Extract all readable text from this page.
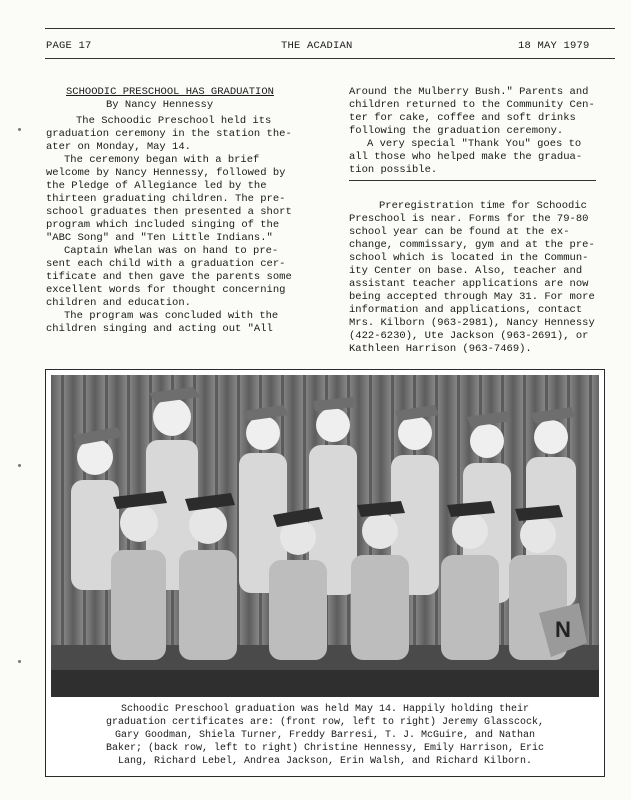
PAGE 17	THE ACADIAN	18 MAY 1979

SCHOODIC PRESCHOOL HAS GRADUATION

By Nancy Hennessy

The Schoodic Preschool held its

graduation ceremony in the station the-

ater on Monday, May 14.

The ceremony began with a brief

welcome by Nancy Hennessy, followed by

the Pledge of Allegiance led by the

thirteen graduating children. The pre-

school graduates then presented a short

program which included singing of the

"ABC Song" and "Ten Little Indians."

Captain Whelan was on hand to pre-

sent each child with a graduation cer-

tificate and then gave the parents some

excellent words for thought concerning

children and education.

The program was concluded with the

children singing and acting out "All

Around the Mulberry Bush." Parents and

children returned to the Community Cen-

ter for cake, coffee and soft drinks

following the graduation ceremony.

A very special "Thank You" goes to

all those who helped make the gradua-

tion possible.

Preregistration time for Schoodic

Preschool is near. Forms for the 79-80

school year can be found at the ex-

change, commissary, gym and at the pre-

school which is located in the Commun-

ity Center on base. Also, teacher and

assistant teacher applications are now

being accepted through May 31. For more

information and applications, contact

Mrs. Kilborn (963-2981), Nancy Hennessy

(422-6230), Ute Jackson (963-2691), or

Kathleen Harrison (963-7469).

N
Schoodic Preschool graduation was held May 14. Happily holding their
graduation certificates are: (front row, left to right) Jeremy Glasscock,
Gary Goodman, Shiela Turner, Freddy Barresi, T. J. McGuire, and Nathan
Baker; (back row, left to right) Christine Hennessy, Emily Harrison, Eric
Lang, Richard Lebel, Andrea Jackson, Erin Walsh, and Richard Kilborn.
